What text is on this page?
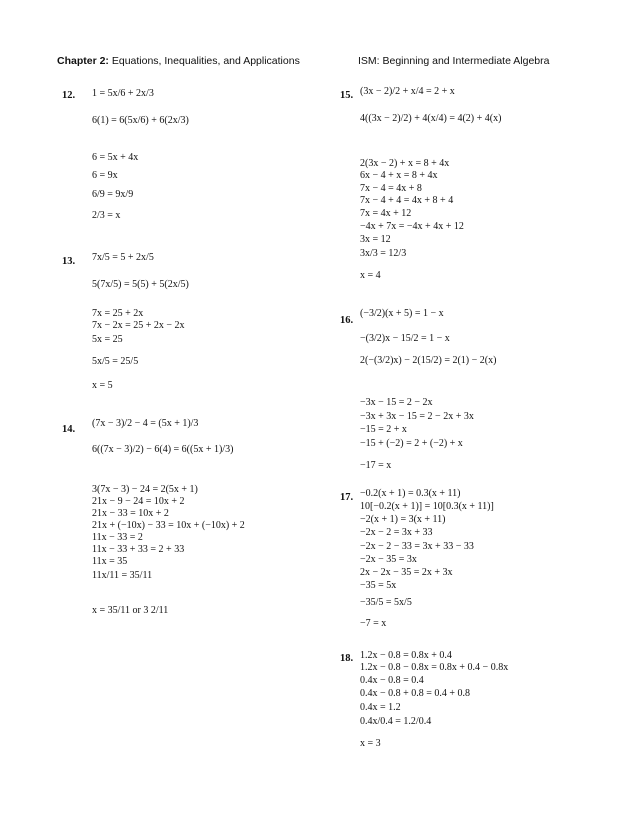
Chapter 2: Equations, Inequalities, and Applications	ISM: Beginning and Intermediate Algebra
12. 1 = 5x/6 + 2x/3
6(1) = 6(5x/6) + 6(2x/3)
6 = 5x + 4x
6 = 9x
6/9 = 9x/9
2/3 = x
13. 7x/5 = 5 + 2x/5
5(7x/5) = 5(5) + 5(2x/5)
7x = 25 + 2x
7x − 2x = 25 + 2x − 2x
5x = 25
5x/5 = 25/5
x = 5
14.
(7x − 3)/2 − 4 = (5x + 1)/3
6((7x − 3)/2) − 6(4) = 6((5x + 1)/3)
3(7x − 3) − 24 = 2(5x + 1)
21x − 9 − 24 = 10x + 2
21x − 33 = 10x + 2
21x + (−10x) − 33 = 10x + (−10x) + 2
11x − 33 = 2
11x − 33 + 33 = 2 + 33
11x = 35
11x/11 = 35/11
x = 35/11 or 3 2/11
15. (3x − 2)/2 + x/4 = 2 + x
4((3x − 2)/2) + 4(x/4) = 4(2) + 4(x)
2(3x − 2) + x = 8 + 4x
6x − 4 + x = 8 + 4x
7x − 4 = 4x + 8
7x − 4 + 4 = 4x + 8 + 4
7x = 4x + 12
−4x + 7x = −4x + 4x + 12
3x = 12
3x/3 = 12/3
x = 4
16.
(−3/2)(x + 5) = 1 − x
−(3/2)x − 15/2 = 1 − x
2(−(3/2)x) − 2(15/2) = 2(1) − 2(x)
−3x − 15 = 2 − 2x
−3x + 3x − 15 = 2 − 2x + 3x
−15 = 2 + x
−15 + (−2) = 2 + (−2) + x
−17 = x
17. −0.2(x + 1) = 0.3(x + 11)
10[−0.2(x + 1)] = 10[0.3(x + 11)]
−2(x + 1) = 3(x + 11)
−2x − 2 = 3x + 33
−2x − 2 − 33 = 3x + 33 − 33
−2x − 35 = 3x
2x − 2x − 35 = 2x + 3x
−35 = 5x
−35/5 = 5x/5
−7 = x
18. 1.2x − 0.8 = 0.8x + 0.4
1.2x − 0.8 − 0.8x = 0.8x + 0.4 − 0.8x
0.4x − 0.8 = 0.4
0.4x − 0.8 + 0.8 = 0.4 + 0.8
0.4x = 1.2
0.4x/0.4 = 1.2/0.4
x = 3
